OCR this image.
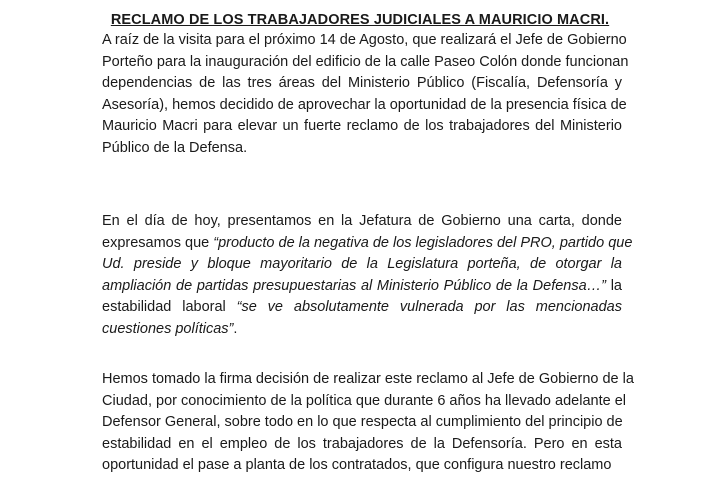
RECLAMO DE LOS TRABAJADORES JUDICIALES A MAURICIO MACRI.
A raíz de la visita para el próximo 14 de Agosto, que realizará el Jefe de Gobierno
Porteño para la inauguración del edificio de la calle Paseo Colón donde funcionan
dependencias de las tres áreas del Ministerio Público (Fiscalía, Defensoría y
Asesoría), hemos decidido de aprovechar la oportunidad de la presencia física de
Mauricio Macri para elevar un fuerte reclamo de los trabajadores del Ministerio
Público de la Defensa.
En el día de hoy, presentamos en la Jefatura de Gobierno una carta, donde
expresamos que “producto de la negativa de los legisladores del PRO, partido que
Ud. preside y bloque mayoritario de la Legislatura porteña, de otorgar la
ampliación de partidas presupuestarias al Ministerio Público de la Defensa…” la
estabilidad laboral “se ve absolutamente vulnerada por las mencionadas
cuestiones políticas”.
Hemos tomado la firma decisión de realizar este reclamo al Jefe de Gobierno de la
Ciudad, por conocimiento de la política que durante 6 años ha llevado adelante el
Defensor General, sobre todo en lo que respecta al cumplimiento del principio de
estabilidad en el empleo de los trabajadores de la Defensoría. Pero en esta
oportunidad el pase a planta de los contratados, que configura nuestro reclamo
